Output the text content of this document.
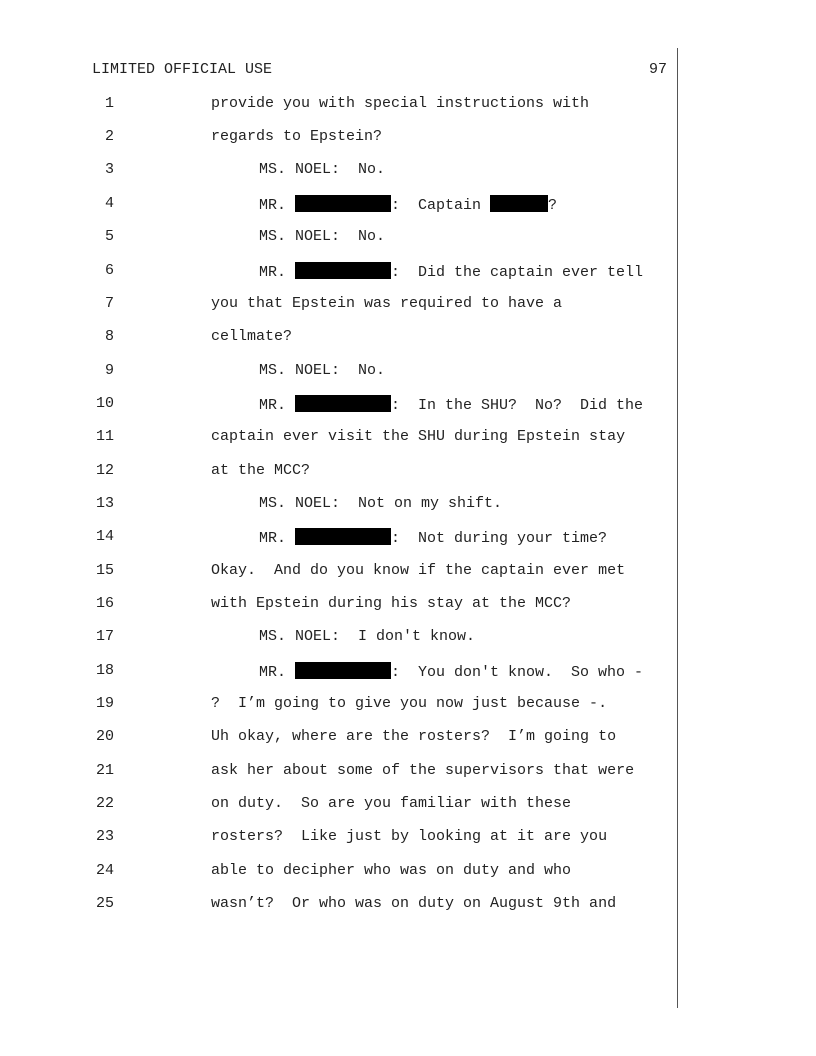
LIMITED OFFICIAL USE	97

1

	provide you with special instructions with

2

	regards to Epstein?

3

	MS. NOEL:  No.

4

	MR.	:  Captain	?

5

	MS. NOEL:  No.

6

	MR.	:  Did the captain ever tell

7

	you that Epstein was required to have a

8

	cellmate?

9

	MS. NOEL:  No.

10

	MR.	:  In the SHU?  No?  Did the

11

	captain ever visit the SHU during Epstein stay

12

	at the MCC?

13

	MS. NOEL:  Not on my shift.

14

	MR.	:  Not during your time?

15

	Okay.  And do you know if the captain ever met

16

	with Epstein during his stay at the MCC?

17

	MS. NOEL:  I don't know.

18

	MR.	:  You don't know.  So who -

19

	?  I’m going to give you now just because -.

20

	Uh okay, where are the rosters?  I’m going to

21

	ask her about some of the supervisors that were

22

	on duty.  So are you familiar with these

23

	rosters?  Like just by looking at it are you

24

	able to decipher who was on duty and who

25

	wasn’t?  Or who was on duty on August 9th and
